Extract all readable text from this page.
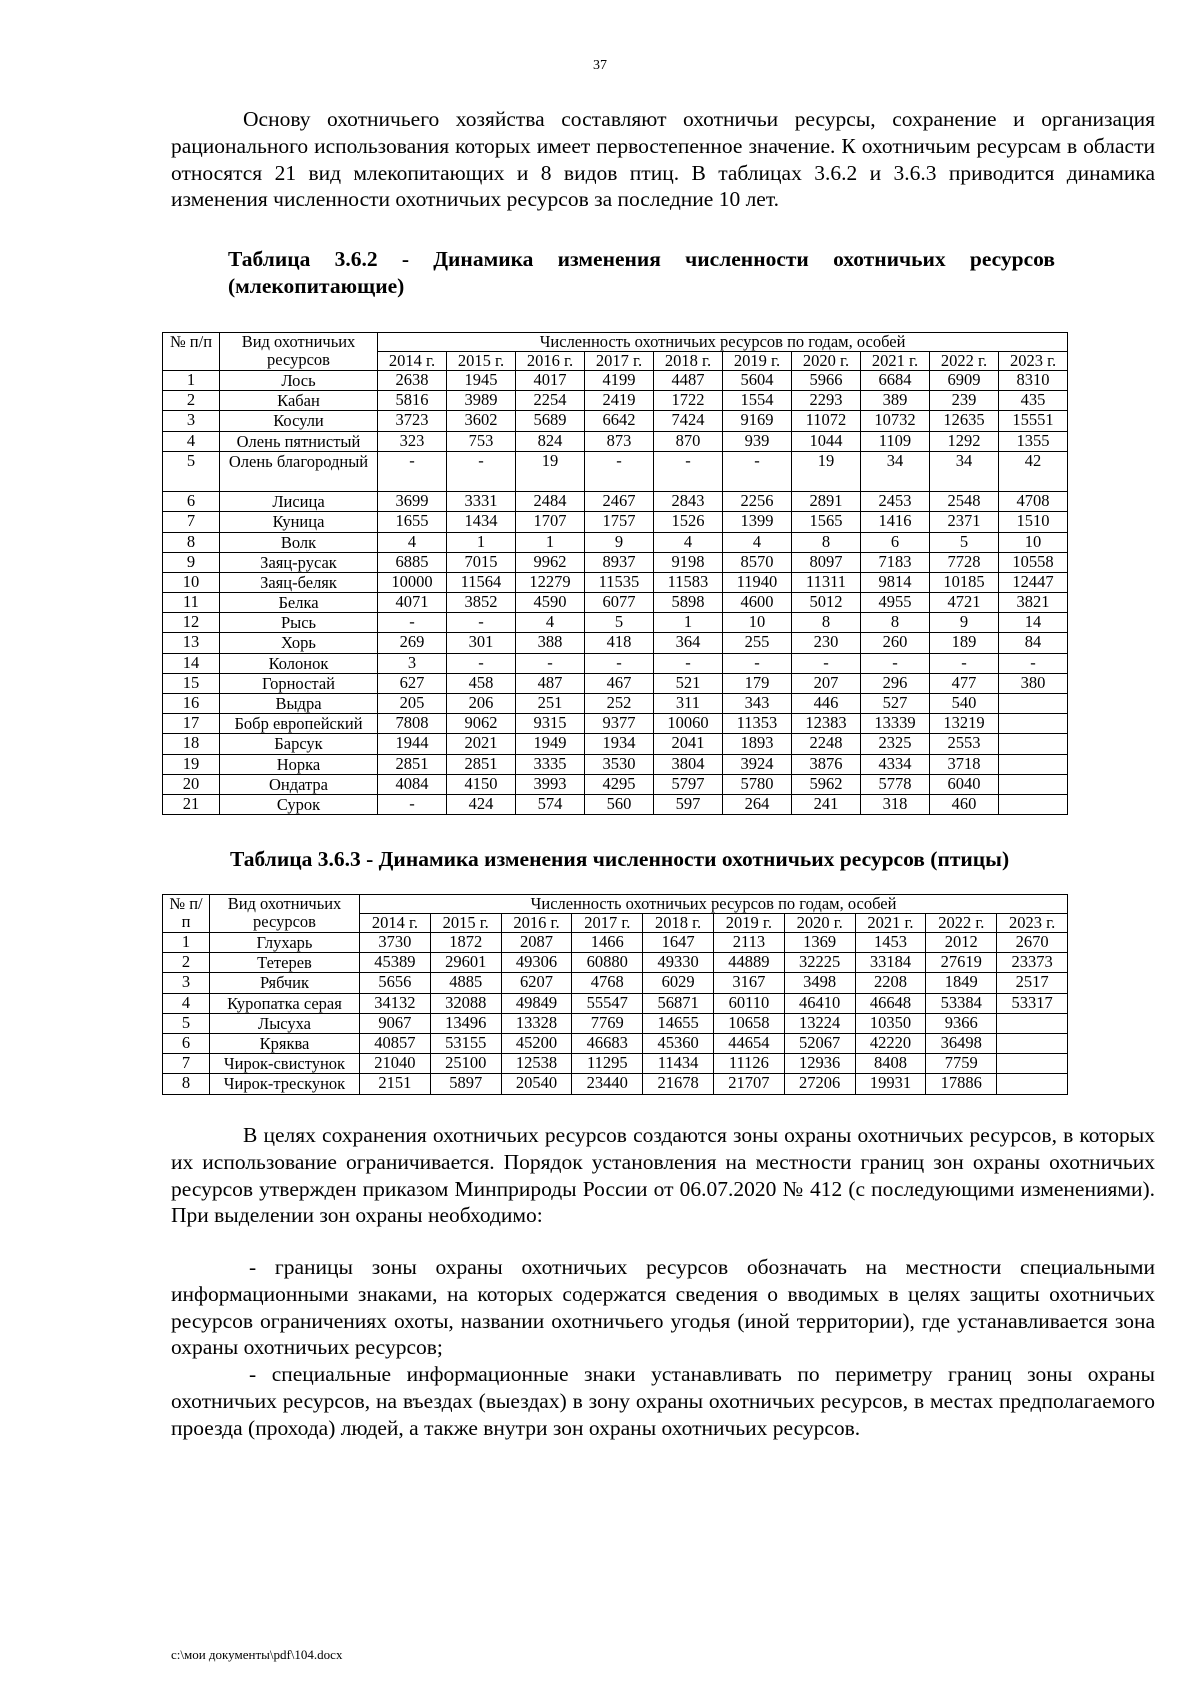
37

Основу охотничьего хозяйства составляют охотничьи ресурсы, сохранение и организация рационального использования которых имеет первостепенное значение. К охотничьим ресурсам в области относятся 21 вид млекопитающих и 8 видов птиц. В таблицах 3.6.2 и 3.6.3 приводится динамика изменения численности охотничьих ресурсов за последние 10 лет.

Таблица 3.6.2 - Динамика изменения численности охотничьих ресурсов (млекопитающие)

№ п/п	Вид охотничьих ресурсов	Численность охотничьих ресурсов по годам, особей									
		2014 г.	2015 г.	2016 г.	2017 г.	2018 г.	2019 г.	2020 г.	2021 г.	2022 г.	2023 г.
1	Лось	2638	1945	4017	4199	4487	5604	5966	6684	6909	8310
2	Кабан	5816	3989	2254	2419	1722	1554	2293	389	239	435
3	Косули	3723	3602	5689	6642	7424	9169	11072	10732	12635	15551
4	Олень пятнистый	323	753	824	873	870	939	1044	1109	1292	1355
5	Олень благородный	-	-	19	-	-	-	19	34	34	42
6	Лисица	3699	3331	2484	2467	2843	2256	2891	2453	2548	4708
7	Куница	1655	1434	1707	1757	1526	1399	1565	1416	2371	1510
8	Волк	4	1	1	9	4	4	8	6	5	10
9	Заяц-русак	6885	7015	9962	8937	9198	8570	8097	7183	7728	10558
10	Заяц-беляк	10000	11564	12279	11535	11583	11940	11311	9814	10185	12447
11	Белка	4071	3852	4590	6077	5898	4600	5012	4955	4721	3821
12	Рысь	-	-	4	5	1	10	8	8	9	14
13	Хорь	269	301	388	418	364	255	230	260	189	84
14	Колонок	3	-	-	-	-	-	-	-	-	-
15	Горностай	627	458	487	467	521	179	207	296	477	380
16	Выдра	205	206	251	252	311	343	446	527	540	
17	Бобр европейский	7808	9062	9315	9377	10060	11353	12383	13339	13219	
18	Барсук	1944	2021	1949	1934	2041	1893	2248	2325	2553	
19	Норка	2851	2851	3335	3530	3804	3924	3876	4334	3718	
20	Ондатра	4084	4150	3993	4295	5797	5780	5962	5778	6040	
21	Сурок	-	424	574	560	597	264	241	318	460	

Таблица 3.6.3 - Динамика изменения численности охотничьих ресурсов (птицы)

№ п/п	Вид охотничьих ресурсов	Численность охотничьих ресурсов по годам, особей									
		2014 г.	2015 г.	2016 г.	2017 г.	2018 г.	2019 г.	2020 г.	2021 г.	2022 г.	2023 г.
1	Глухарь	3730	1872	2087	1466	1647	2113	1369	1453	2012	2670
2	Тетерев	45389	29601	49306	60880	49330	44889	32225	33184	27619	23373
3	Рябчик	5656	4885	6207	4768	6029	3167	3498	2208	1849	2517
4	Куропатка серая	34132	32088	49849	55547	56871	60110	46410	46648	53384	53317
5	Лысуха	9067	13496	13328	7769	14655	10658	13224	10350	9366	
6	Кряква	40857	53155	45200	46683	45360	44654	52067	42220	36498	
7	Чирок-свистунок	21040	25100	12538	11295	11434	11126	12936	8408	7759	
8	Чирок-трескунок	2151	5897	20540	23440	21678	21707	27206	19931	17886	

В целях сохранения охотничьих ресурсов создаются зоны охраны охотничьих ресурсов, в которых их использование ограничивается. Порядок установления на местности границ зон охраны охотничьих ресурсов утвержден приказом Минприроды России от 06.07.2020 № 412 (с последующими изменениями). При выделении зон охраны необходимо:

- границы зоны охраны охотничьих ресурсов обозначать на местности специальными информационными знаками, на которых содержатся сведения о вводимых в целях защиты охотничьих ресурсов ограничениях охоты, названии охотничьего угодья (иной территории), где устанавливается зона охраны охотничьих ресурсов;

- специальные информационные знаки устанавливать по периметру границ зоны охраны охотничьих ресурсов, на въездах (выездах) в зону охраны охотничьих ресурсов, в местах предполагаемого проезда (прохода) людей, а также внутри зон охраны охотничьих ресурсов.

c:\мои документы\pdf\104.docx
